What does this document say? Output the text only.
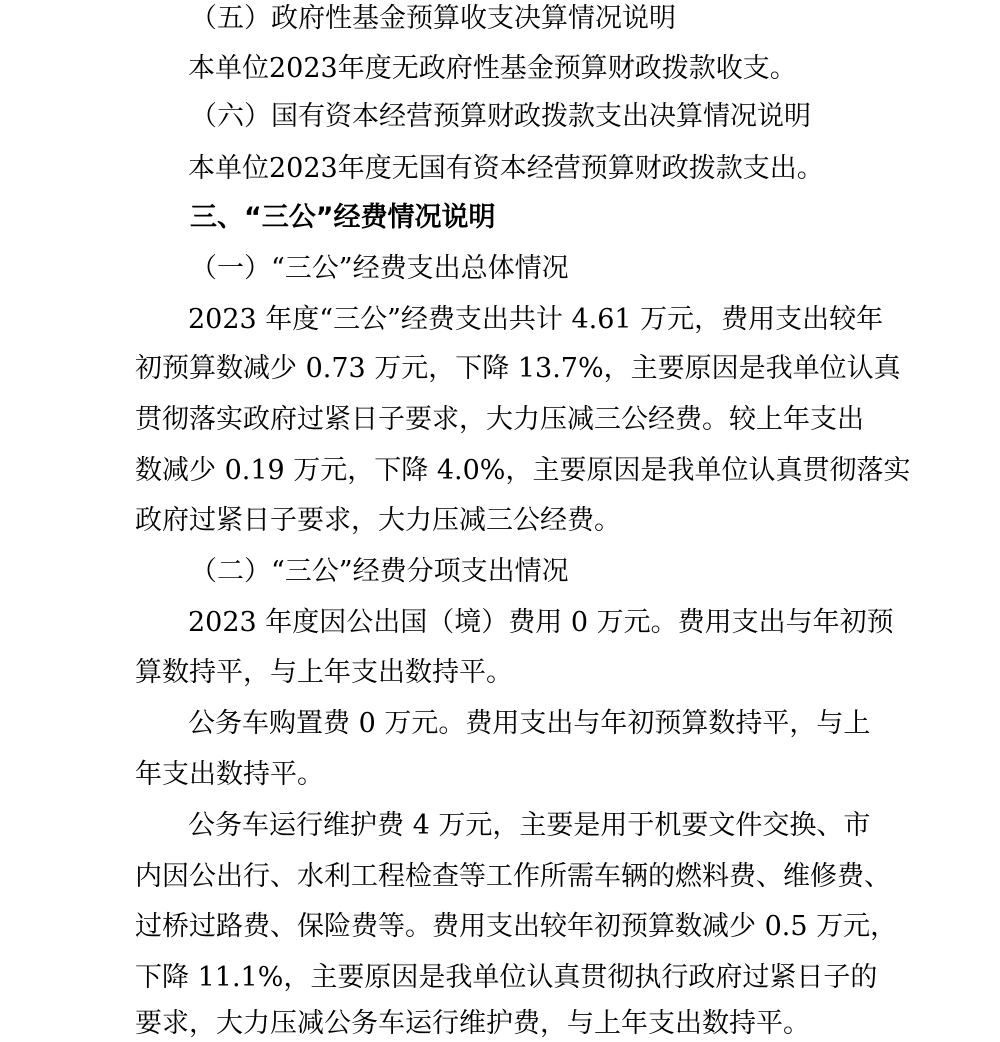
（五）政府性基金预算收支决算情况说明
本单位2023年度无政府性基金预算财政拨款收支。
（六）国有资本经营预算财政拨款支出决算情况说明
本单位2023年度无国有资本经营预算财政拨款支出。
三、“三公”经费情况说明
（一）“三公”经费支出总体情况
2023 年度“三公”经费支出共计 4.61 万元，费用支出较年
初预算数减少 0.73 万元，下降 13.7%，主要原因是我单位认真
贯彻落实政府过紧日子要求，大力压减三公经费。较上年支出
数减少 0.19 万元，下降 4.0%，主要原因是我单位认真贯彻落实
政府过紧日子要求，大力压减三公经费。
（二）“三公”经费分项支出情况
2023 年度因公出国（境）费用 0 万元。费用支出与年初预
算数持平，与上年支出数持平。
公务车购置费 0 万元。费用支出与年初预算数持平，与上
年支出数持平。
公务车运行维护费 4 万元，主要是用于机要文件交换、市
内因公出行、水利工程检查等工作所需车辆的燃料费、维修费、
过桥过路费、保险费等。费用支出较年初预算数减少 0.5 万元，
下降 11.1%，主要原因是我单位认真贯彻执行政府过紧日子的
要求，大力压减公务车运行维护费，与上年支出数持平。
